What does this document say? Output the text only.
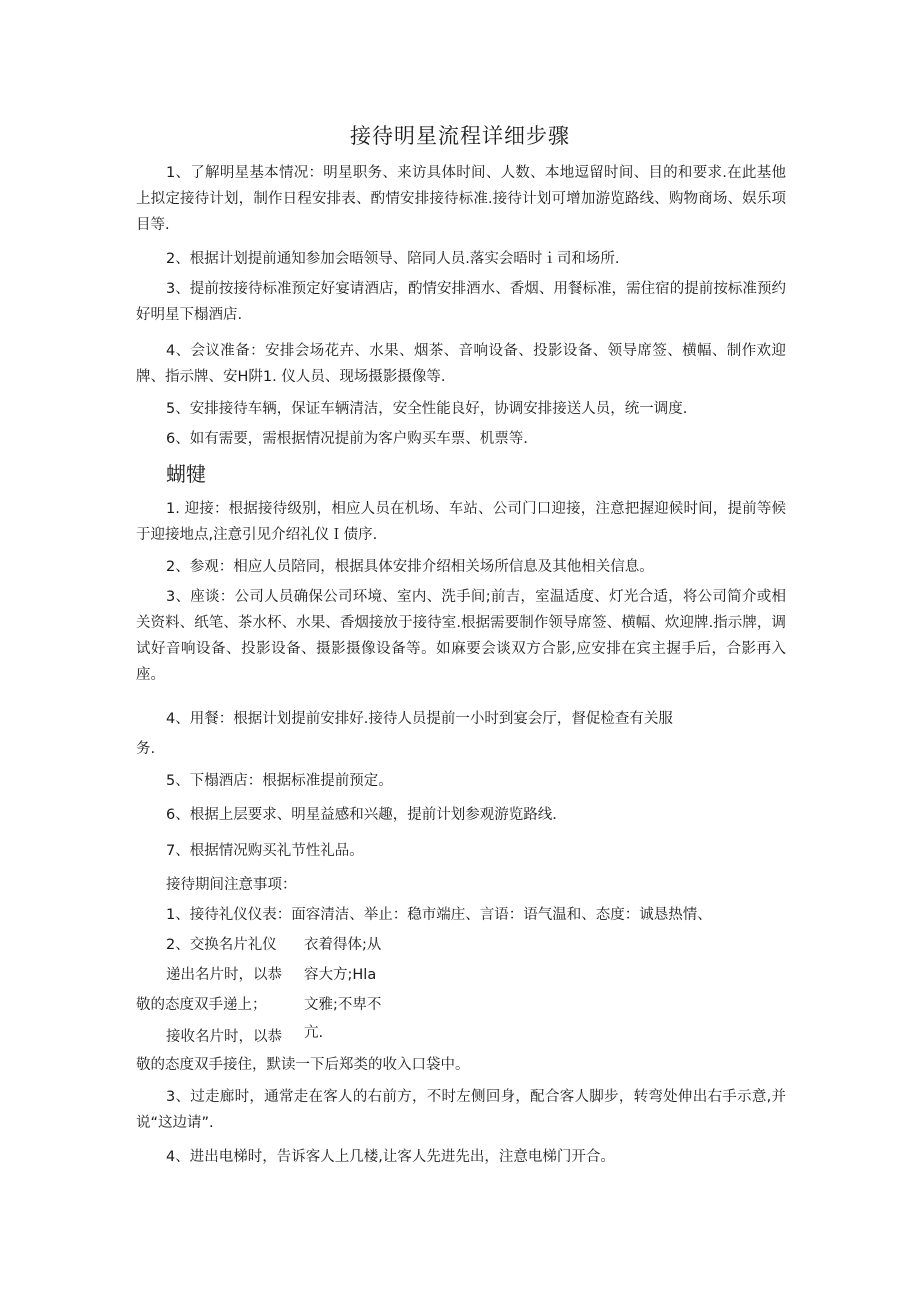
接待明星流程详细步骤

1、了解明星基本情况：明星职务、来访具体时间、人数、本地逗留时间、目的和要求.在此基他上拟定接待计划，制作日程安排表、酌情安排接待标准.接待计划可增加游览路线、购物商场、娱乐项目等.

2、根据计划提前通知参加会晤领导、陪同人员.落实会晤时ｉ司和场所.

3、提前按接待标准预定好宴请酒店，酌情安排酒水、香烟、用餐标准，需住宿的提前按标准预约好明星下榻酒店.

4、会议准备：安排会场花卉、水果、烟茶、音响设备、投影设备、领导席签、横幅、制作欢迎牌、指示牌、安H阱1. 仪人员、现场摄影摄像等.

5、安排接待车辆，保证车辆清洁，安全性能良好，协调安排接送人员，统一调度.

6、如有需要，需根据情况提前为客户购买车票、机票等.

蝴犍

1. 迎接：根据接待级别，相应人员在机场、车站、公司门口迎接，注意把握迎候时间，提前等候于迎接地点,注意引见介绍礼仪Ｉ债序.

2、参观：相应人员陪同，根据具体安排介绍相关场所信息及其他相关信息。

3、座谈：公司人员确保公司环境、室内、洗手间;前吉，室温适度、灯光合适，将公司简介或相关资料、纸笔、茶水杯、水果、香烟接放于接待室.根据需要制作领导席签、横幅、炊迎牌.指示牌，调试好音响设备、投影设备、摄影摄像设备等。如麻要会谈双方合影,应安排在宾主握手后，合影再入座。

4、用餐：根据计划提前安排好.接待人员提前一小时到宴会厅，督促检查有关服

务.

5、下榻酒店：根据标准提前预定。

6、根据上层要求、明星益感和兴趣，提前计划参观游览路线.

7、根据情况购买礼节性礼品。

接待期间注意事项：

1、接待礼仪仪表：面容清洁、举止：稳市端庄、言语：语气温和、态度：诚恳热情、

2、交换名片礼仪 衣着得体;从

递出名片时，以恭 容大方;Hla

敬的态度双手递上；	文雅;不卑不

接收名片时，以恭 亢.

敬的态度双手接住，默读一下后郑类的收入口袋中。

3、过走廊时，通常走在客人的右前方，不时左侧回身，配合客人脚步，转弯处伸出右手示意,并说“这边请”.

4、进出电梯时，告诉客人上几楼,让客人先进先出，注意电梯门开合。
